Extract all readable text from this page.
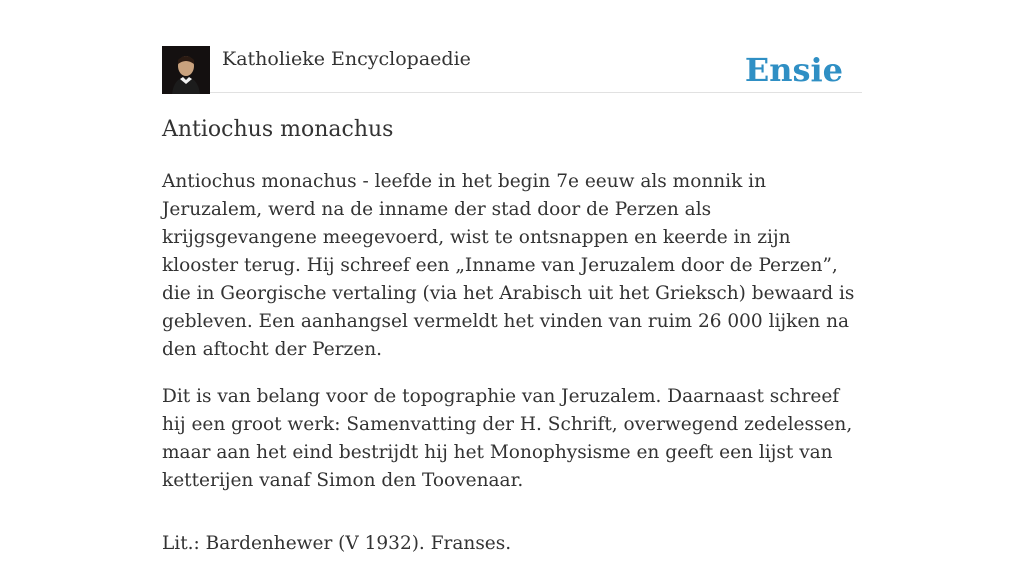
Katholieke Encyclopaedie	Ensie
Antiochus monachus

Antiochus monachus - leefde in het begin 7e eeuw als monnik in Jeruzalem, werd na de inname der stad door de Perzen als krijgsgevangene meegevoerd, wist te ontsnappen en keerde in zijn klooster terug. Hij schreef een „Inname van Jeruzalem door de Perzen”, die in Georgische vertaling (via het Arabisch uit het Grieksch) bewaard is gebleven. Een aanhangsel vermeldt het vinden van ruim 26 000 lijken na den aftocht der Perzen.

Dit is van belang voor de topographie van Jeruzalem. Daarnaast schreef hij een groot werk: Samenvatting der H. Schrift, overwegend zedelessen, maar aan het eind bestrijdt hij het Monophysisme en geeft een lijst van ketterijen vanaf Simon den Toovenaar.

Lit.: Bardenhewer (V 1932). Franses.
